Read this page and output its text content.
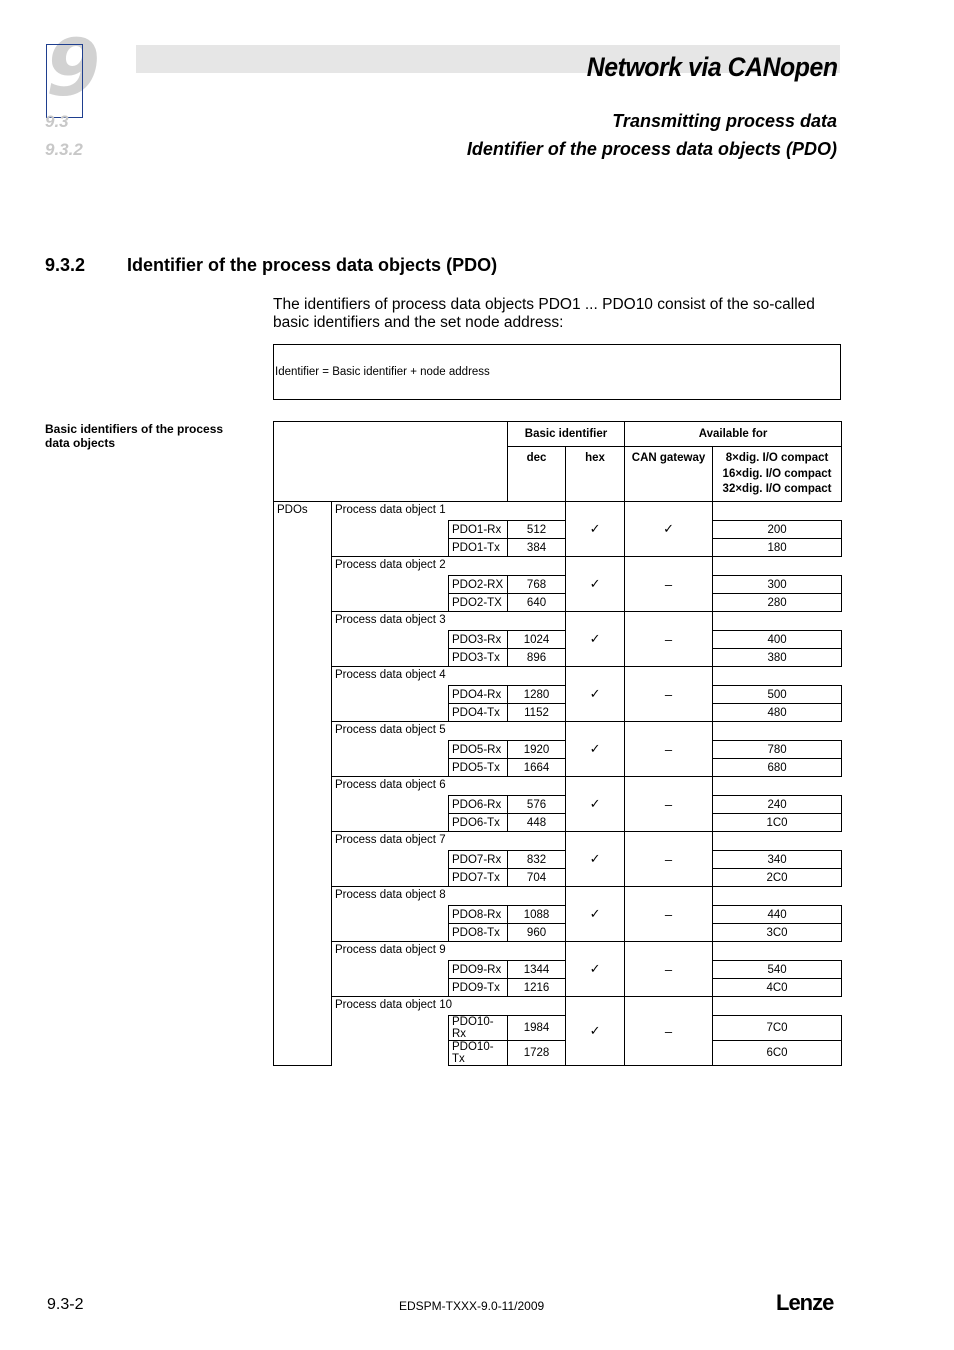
9	Network via CANopen
9.3
9.3.2
Transmitting process data
Identifier of the process data objects (PDO)
9.3.2 Identifier of the process data objects (PDO)
The identifiers of process data objects PDO1 ... PDO10 consist of the so-called basic identifiers and the set node address:
Identifier = Basic identifier + node address
Basic identifiers of the process data objects
			Basic identifier		Available for	
			dec	hex	CAN gateway	8×dig. I/O compact
16×dig. I/O compact
32×dig. I/O compact

PDOs	Process data object 1			✓	✓	
		PDO1-Rx	512			200
		PDO1-Tx	384			180
	Process data object 2			✓	–	
		PDO2-RX	768			300
		PDO2-TX	640			280
	Process data object 3			✓	–	
		PDO3-Rx	1024			400
		PDO3-Tx	896			380
	Process data object 4			✓	–	
		PDO4-Rx	1280			500
		PDO4-Tx	1152			480
	Process data object 5			✓	–	
		PDO5-Rx	1920			780
		PDO5-Tx	1664			680
	Process data object 6			✓	–	
		PDO6-Rx	576			240
		PDO6-Tx	448			1C0
	Process data object 7			✓	–	
		PDO7-Rx	832			340
		PDO7-Tx	704			2C0
	Process data object 8			✓	–	
		PDO8-Rx	1088			440
		PDO8-Tx	960			3C0
	Process data object 9			✓	–	
		PDO9-Rx	1344			540
		PDO9-Tx	1216			4C0
	Process data object 10			✓	–	
		PDO10-Rx	1984			7C0
		PDO10-Tx	1728			6C0
9.3-2	EDSPM-TXXX-9.0-11/2009	Lenze
